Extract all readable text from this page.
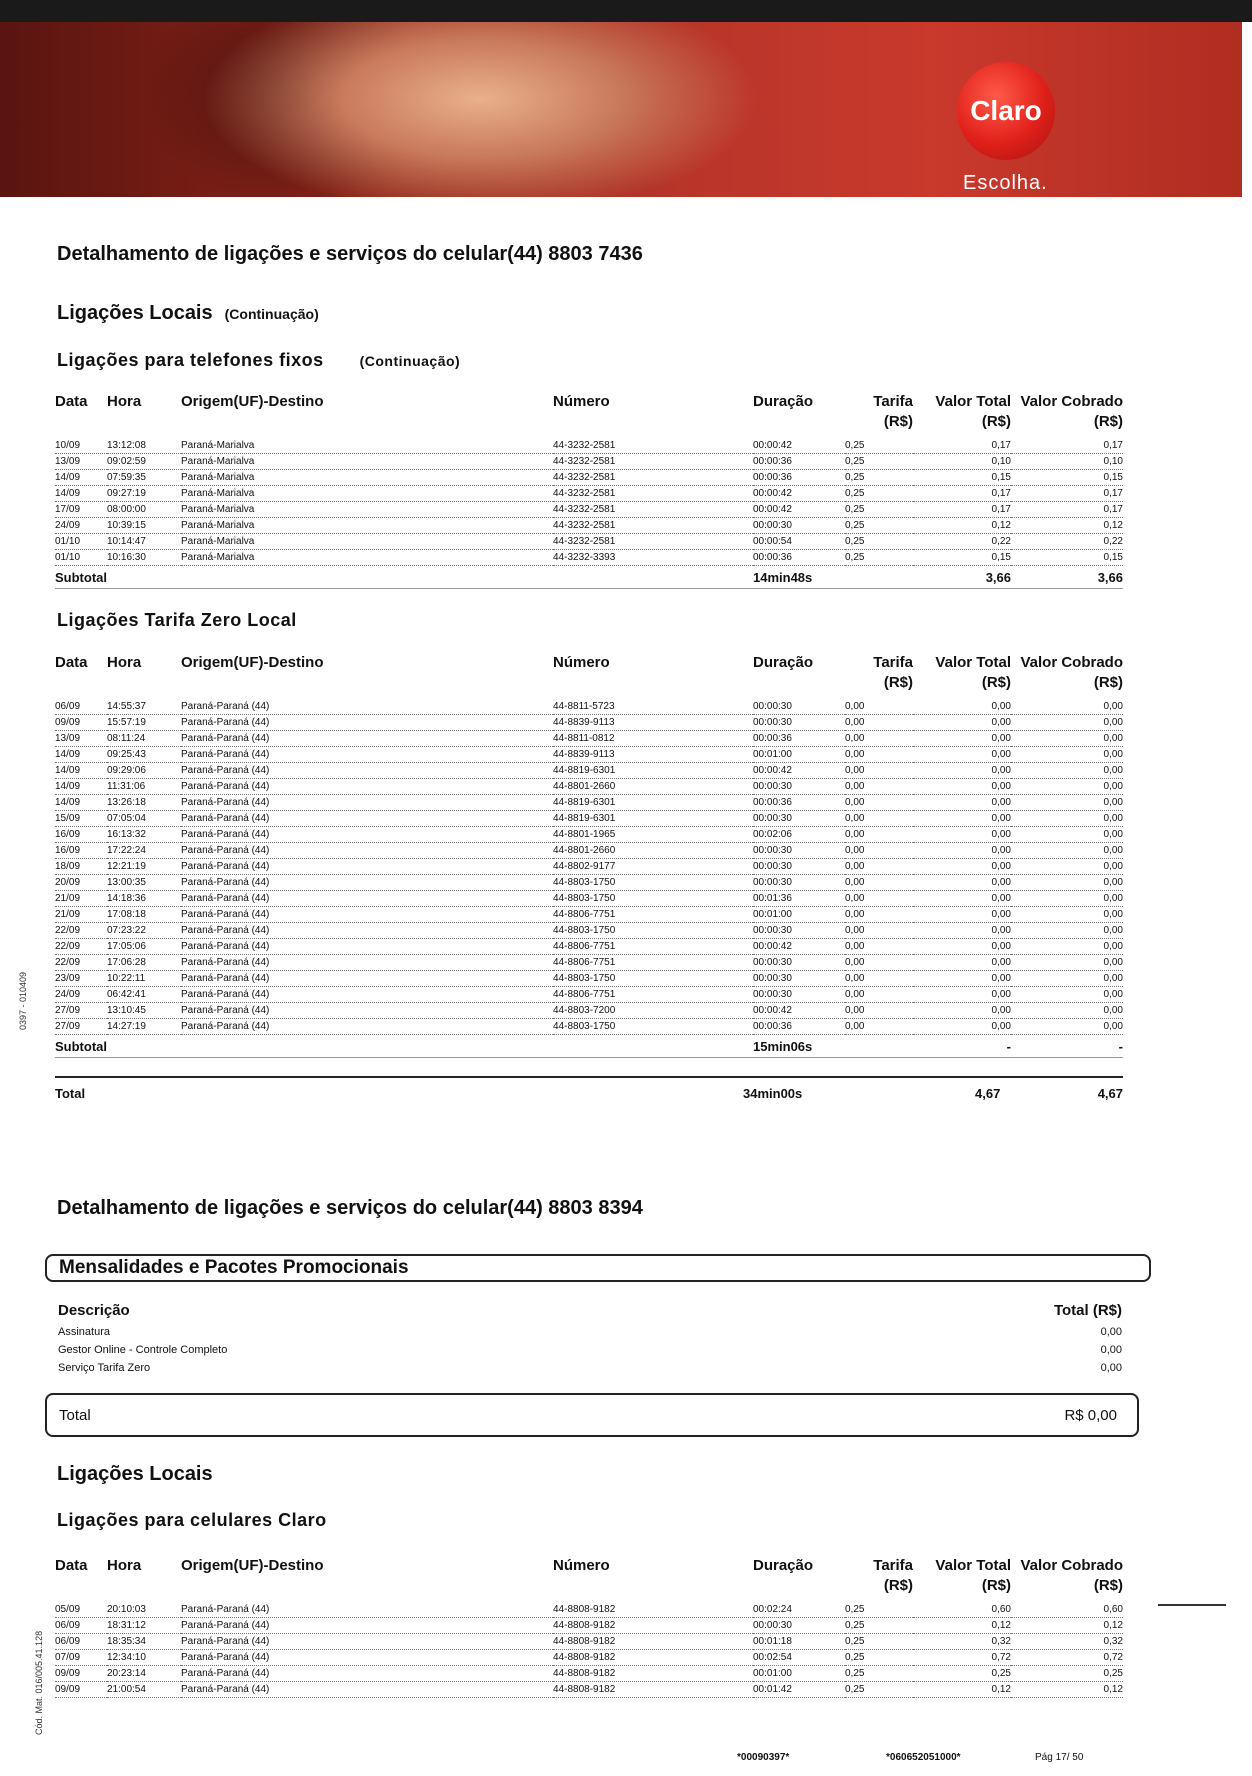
Claro
Escolha.
Detalhamento de ligações e serviços do celular(44) 8803 7436
Ligações Locais (Continuação)
Ligações para telefones fixos	(Continuação)
Data	Hora	Origem(UF)-Destino	Número	Duração	Tarifa (R$)	Valor Total (R$)	Valor Cobrado (R$)
10/09	13:12:08	Paraná-Marialva	44-3232-2581	00:00:42	0,25	0,17	0,17
13/09	09:02:59	Paraná-Marialva	44-3232-2581	00:00:36	0,25	0,10	0,10
14/09	07:59:35	Paraná-Marialva	44-3232-2581	00:00:36	0,25	0,15	0,15
14/09	09:27:19	Paraná-Marialva	44-3232-2581	00:00:42	0,25	0,17	0,17
17/09	08:00:00	Paraná-Marialva	44-3232-2581	00:00:42	0,25	0,17	0,17
24/09	10:39:15	Paraná-Marialva	44-3232-2581	00:00:30	0,25	0,12	0,12
01/10	10:14:47	Paraná-Marialva	44-3232-2581	00:00:54	0,25	0,22	0,22
01/10	10:16:30	Paraná-Marialva	44-3232-3393	00:00:36	0,25	0,15	0,15
Subtotal				14min48s		3,66	3,66
Ligações Tarifa Zero Local
Data	Hora	Origem(UF)-Destino	Número	Duração	Tarifa (R$)	Valor Total (R$)	Valor Cobrado (R$)
06/09	14:55:37	Paraná-Paraná (44)	44-8811-5723	00:00:30	0,00	0,00	0,00
09/09	15:57:19	Paraná-Paraná (44)	44-8839-9113	00:00:30	0,00	0,00	0,00
13/09	08:11:24	Paraná-Paraná (44)	44-8811-0812	00:00:36	0,00	0,00	0,00
14/09	09:25:43	Paraná-Paraná (44)	44-8839-9113	00:01:00	0,00	0,00	0,00
14/09	09:29:06	Paraná-Paraná (44)	44-8819-6301	00:00:42	0,00	0,00	0,00
14/09	11:31:06	Paraná-Paraná (44)	44-8801-2660	00:00:30	0,00	0,00	0,00
14/09	13:26:18	Paraná-Paraná (44)	44-8819-6301	00:00:36	0,00	0,00	0,00
15/09	07:05:04	Paraná-Paraná (44)	44-8819-6301	00:00:30	0,00	0,00	0,00
16/09	16:13:32	Paraná-Paraná (44)	44-8801-1965	00:02:06	0,00	0,00	0,00
16/09	17:22:24	Paraná-Paraná (44)	44-8801-2660	00:00:30	0,00	0,00	0,00
18/09	12:21:19	Paraná-Paraná (44)	44-8802-9177	00:00:30	0,00	0,00	0,00
20/09	13:00:35	Paraná-Paraná (44)	44-8803-1750	00:00:30	0,00	0,00	0,00
21/09	14:18:36	Paraná-Paraná (44)	44-8803-1750	00:01:36	0,00	0,00	0,00
21/09	17:08:18	Paraná-Paraná (44)	44-8806-7751	00:01:00	0,00	0,00	0,00
22/09	07:23:22	Paraná-Paraná (44)	44-8803-1750	00:00:30	0,00	0,00	0,00
22/09	17:05:06	Paraná-Paraná (44)	44-8806-7751	00:00:42	0,00	0,00	0,00
22/09	17:06:28	Paraná-Paraná (44)	44-8806-7751	00:00:30	0,00	0,00	0,00
23/09	10:22:11	Paraná-Paraná (44)	44-8803-1750	00:00:30	0,00	0,00	0,00
24/09	06:42:41	Paraná-Paraná (44)	44-8806-7751	00:00:30	0,00	0,00	0,00
27/09	13:10:45	Paraná-Paraná (44)	44-8803-7200	00:00:42	0,00	0,00	0,00
27/09	14:27:19	Paraná-Paraná (44)	44-8803-1750	00:00:36	0,00	0,00	0,00
Subtotal				15min06s		-	-
Total	34min00s	4,67	4,67
Detalhamento de ligações e serviços do celular(44) 8803 8394
Mensalidades e Pacotes Promocionais
Descrição	Total (R$)
Assinatura	0,00
Gestor Online - Controle Completo	0,00
Serviço Tarifa Zero	0,00
Total	R$ 0,00
Ligações Locais
Ligações para celulares Claro
Data	Hora	Origem(UF)-Destino	Número	Duração	Tarifa (R$)	Valor Total (R$)	Valor Cobrado (R$)
05/09	20:10:03	Paraná-Paraná (44)	44-8808-9182	00:02:24	0,25	0,60	0,60
06/09	18:31:12	Paraná-Paraná (44)	44-8808-9182	00:00:30	0,25	0,12	0,12
06/09	18:35:34	Paraná-Paraná (44)	44-8808-9182	00:01:18	0,25	0,32	0,32
07/09	12:34:10	Paraná-Paraná (44)	44-8808-9182	00:02:54	0,25	0,72	0,72
09/09	20:23:14	Paraná-Paraná (44)	44-8808-9182	00:01:00	0,25	0,25	0,25
09/09	21:00:54	Paraná-Paraná (44)	44-8808-9182	00:01:42	0,25	0,12	0,12
0397 - 010409
Cód. Mat. 016/005.41.128
*00090397*	*060652051000*	Pág 17/ 50
